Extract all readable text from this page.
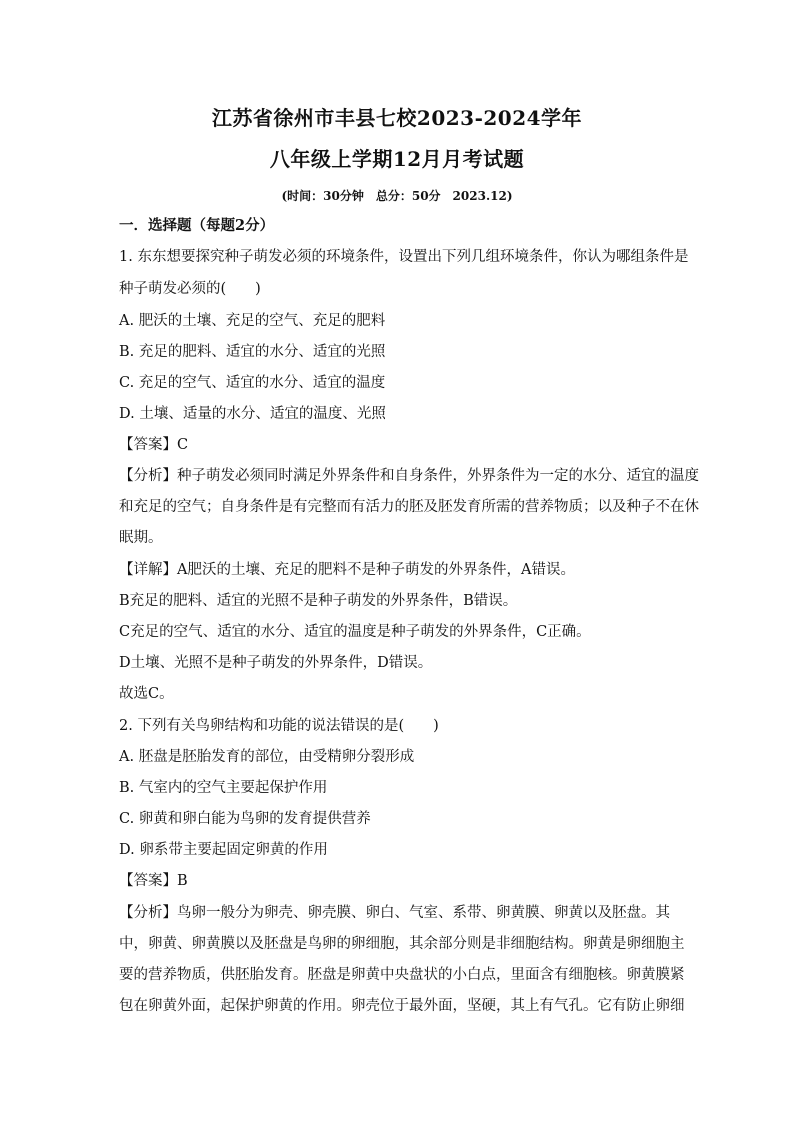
江苏省徐州市丰县七校2023-2024学年
八年级上学期12月月考试题
(时间：30分钟　总分：50分　2023.12)
一．选择题（每题2分）
1. 东东想要探究种子萌发必须的环境条件，设置出下列几组环境条件，你认为哪组条件是
种子萌发必须的(　　)
A. 肥沃的土壤、充足的空气、充足的肥料
B. 充足的肥料、适宜的水分、适宜的光照
C. 充足的空气、适宜的水分、适宜的温度
D. 土壤、适量的水分、适宜的温度、光照
【答案】C
【分析】种子萌发必须同时满足外界条件和自身条件，外界条件为一定的水分、适宜的温度
和充足的空气；自身条件是有完整而有活力的胚及胚发育所需的营养物质；以及种子不在休
眠期。
【详解】A肥沃的土壤、充足的肥料不是种子萌发的外界条件，A错误。
B充足的肥料、适宜的光照不是种子萌发的外界条件，B错误。
C充足的空气、适宜的水分、适宜的温度是种子萌发的外界条件，C正确。
D土壤、光照不是种子萌发的外界条件，D错误。
故选C。
2. 下列有关鸟卵结构和功能的说法错误的是(　　)
A. 胚盘是胚胎发育的部位，由受精卵分裂形成
B. 气室内的空气主要起保护作用
C. 卵黄和卵白能为鸟卵的发育提供营养
D. 卵系带主要起固定卵黄的作用
【答案】B
【分析】鸟卵一般分为卵壳、卵壳膜、卵白、气室、系带、卵黄膜、卵黄以及胚盘。其
中，卵黄、卵黄膜以及胚盘是鸟卵的卵细胞，其余部分则是非细胞结构。卵黄是卵细胞主
要的营养物质，供胚胎发育。胚盘是卵黄中央盘状的小白点，里面含有细胞核。卵黄膜紧
包在卵黄外面，起保护卵黄的作用。卵壳位于最外面，坚硬，其上有气孔。它有防止卵细
